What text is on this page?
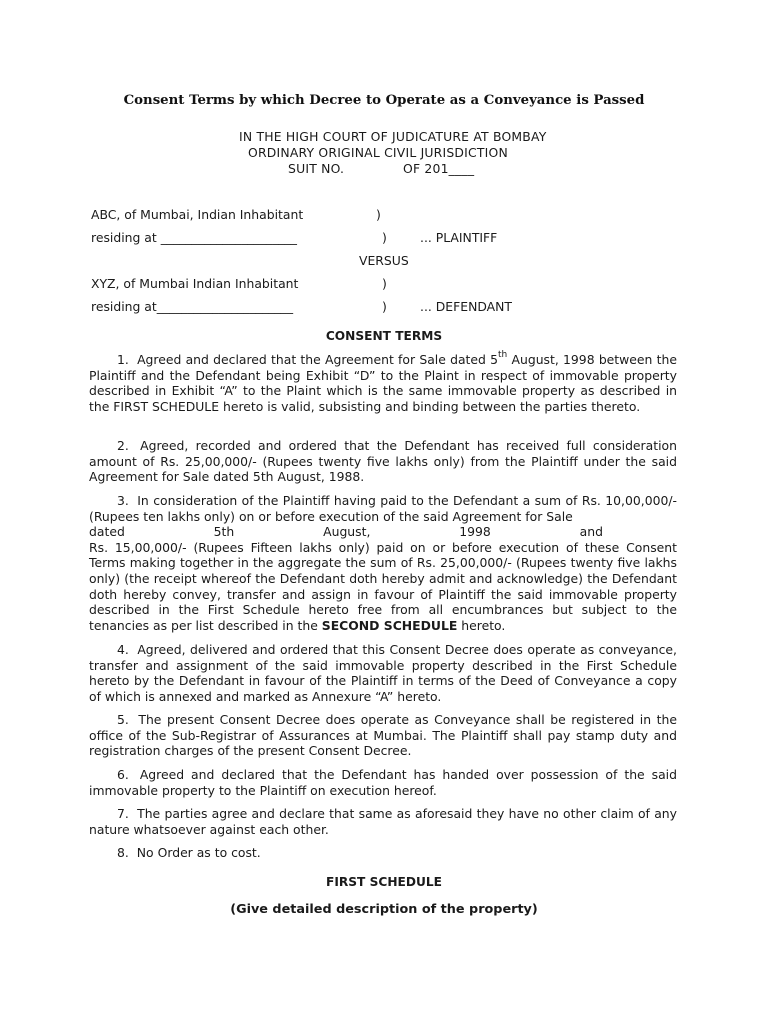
Consent Terms by which Decree to Operate as a Conveyance is Passed
IN THE HIGH COURT OF JUDICATURE AT BOMBAY
ORDINARY ORIGINAL CIVIL JURISDICTION
SUIT NO.	OF 201____
ABC, of Mumbai, Indian Inhabitant	)
residing at ______________________	)	... PLAINTIFF
VERSUS
XYZ, of Mumbai Indian Inhabitant	)
residing at______________________	)	... DEFENDANT
CONSENT TERMS
1. Agreed and declared that the Agreement for Sale dated 5th August, 1998 between the Plaintiff and the Defendant being Exhibit “D” to the Plaint in respect of immovable property described in Exhibit “A” to the Plaint which is the same immovable property as described in the FIRST SCHEDULE hereto is valid, subsisting and binding between the parties thereto.
2. Agreed, recorded and ordered that the Defendant has received full consideration amount of Rs. 25,00,000/- (Rupees twenty five lakhs only) from the Plaintiff under the said Agreement for Sale dated 5th August, 1988.
3. In consideration of the Plaintiff having paid to the Defendant a sum of Rs. 10,00,000/- (Rupees ten lakhs only) on or before execution of the said Agreement for Sale
dated	5th	August,	1998	and
Rs. 15,00,000/- (Rupees Fifteen lakhs only) paid on or before execution of these Consent Terms making together in the aggregate the sum of Rs. 25,00,000/- (Rupees twenty five lakhs only) (the receipt whereof the Defendant doth hereby admit and acknowledge) the Defendant doth hereby convey, transfer and assign in favour of Plaintiff the said immovable property described in the First Schedule hereto free from all encumbrances but subject to the tenancies as per list described in the SECOND SCHEDULE hereto.
4. Agreed, delivered and ordered that this Consent Decree does operate as conveyance, transfer and assignment of the said immovable property described in the First Schedule hereto by the Defendant in favour of the Plaintiff in terms of the Deed of Conveyance a copy of which is annexed and marked as Annexure “A” hereto.
5. The present Consent Decree does operate as Conveyance shall be registered in the office of the Sub-Registrar of Assurances at Mumbai. The Plaintiff shall pay stamp duty and registration charges of the present Consent Decree.
6. Agreed and declared that the Defendant has handed over possession of the said immovable property to the Plaintiff on execution hereof.
7. The parties agree and declare that same as aforesaid they have no other claim of any nature whatsoever against each other.
8. No Order as to cost.
FIRST SCHEDULE
(Give detailed description of the property)
